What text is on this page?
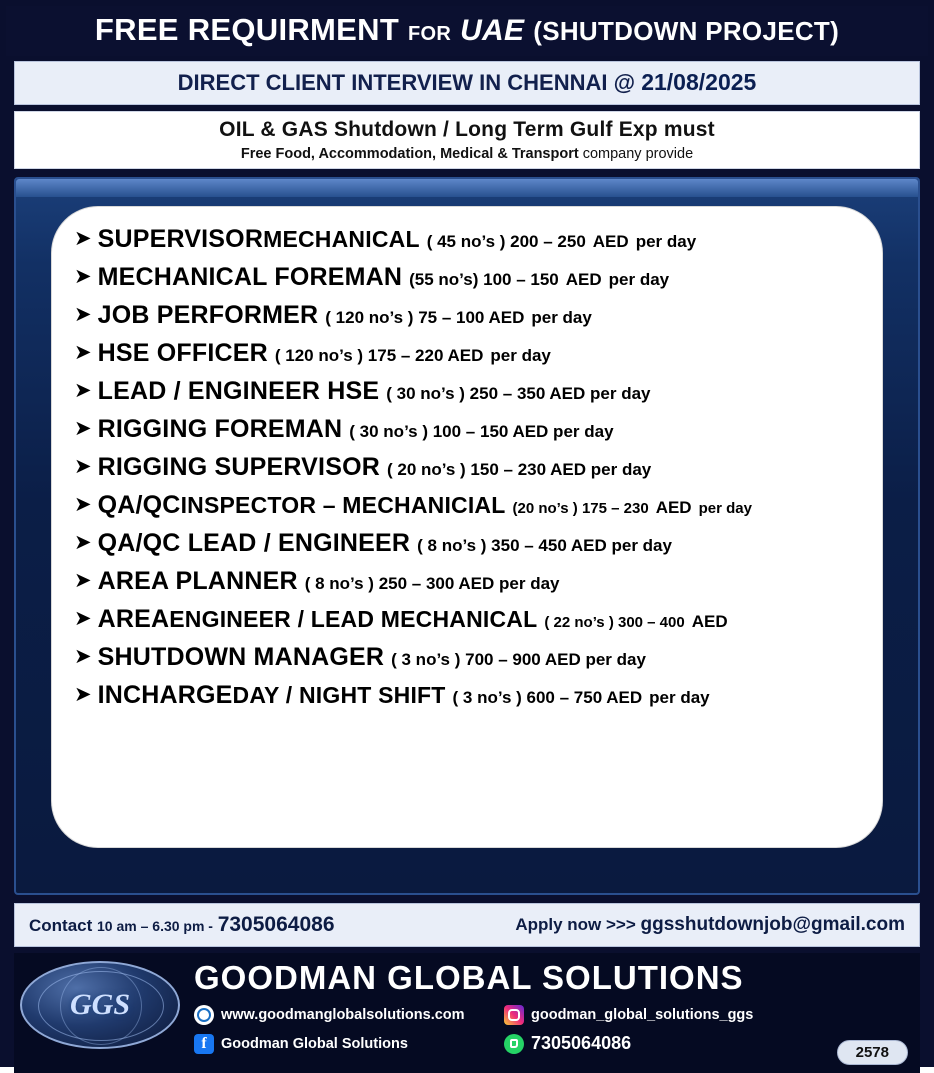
FREE REQUIRMENT FOR UAE (SHUTDOWN PROJECT)
DIRECT CLIENT INTERVIEW IN CHENNAI @ 21/08/2025
OIL & GAS Shutdown / Long Term Gulf Exp must
Free Food, Accommodation, Medical & Transport company provide
➤ SUPERVISOR MECHANICAL ( 45 no’s ) 200 – 250 AED per day
➤ MECHANICAL FOREMAN (55 no’s) 100 – 150 AED per day
➤ JOB PERFORMER ( 120 no’s ) 75 – 100 AED per day
➤ HSE OFFICER ( 120 no’s ) 175 – 220 AED per day
➤ LEAD / ENGINEER HSE ( 30 no’s ) 250 – 350 AED per day
➤ RIGGING FOREMAN ( 30 no’s ) 100 – 150 AED per day
➤ RIGGING SUPERVISOR ( 20 no’s ) 150 – 230 AED per day
➤ QA/QC INSPECTOR – MECHANICIAL (20 no’s ) 175 – 230 AED per day
➤ QA/QC LEAD / ENGINEER ( 8 no’s ) 350 – 450 AED per day
➤ AREA PLANNER ( 8 no’s ) 250 – 300 AED per day
➤ AREA ENGINEER / LEAD MECHANICAL ( 22 no’s ) 300 – 400 AED
➤ SHUTDOWN MANAGER ( 3 no’s ) 700 – 900 AED per day
➤ INCHARGE DAY / NIGHT SHIFT ( 3 no’s ) 600 – 750 AED per day
Contact 10 am – 6.30 pm - 7305064086	Apply now >>> ggsshutdownjob@gmail.com
GGS
GOODMAN GLOBAL SOLUTIONS
www.goodmanglobalsolutions.com	goodman_global_solutions_ggs
f Goodman Global Solutions	7305064086	2578
